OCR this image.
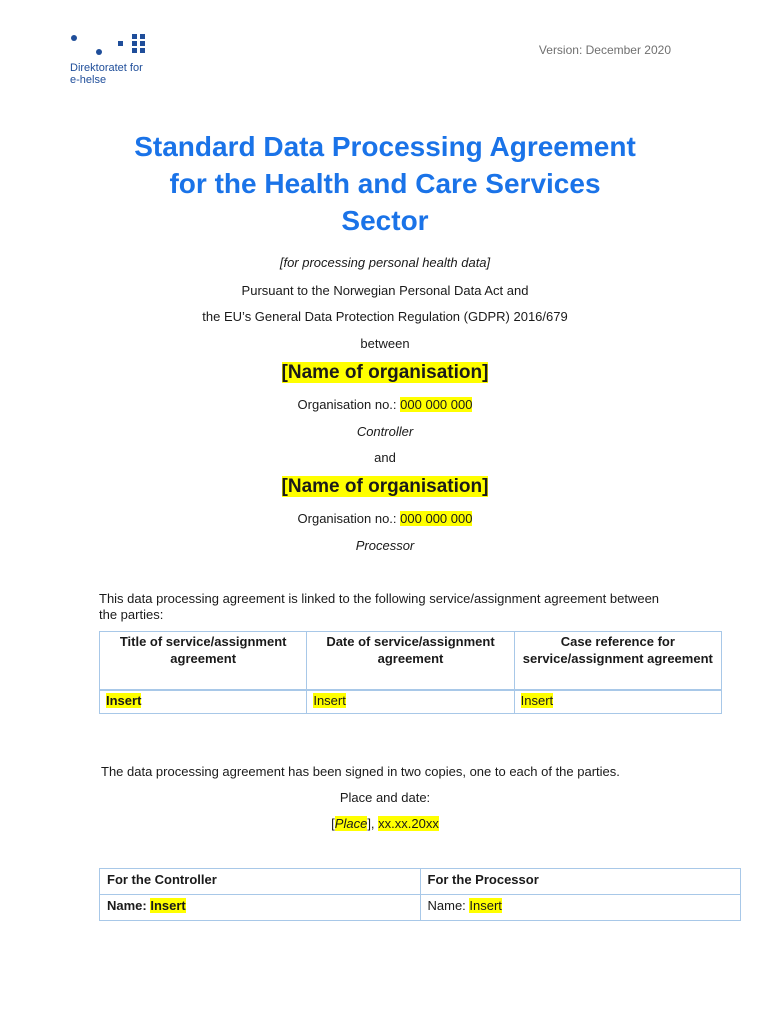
Direktoratet for
e-helse
Version: December 2020
Standard Data Processing Agreement
for the Health and Care Services
Sector
[for processing personal health data]
Pursuant to the Norwegian Personal Data Act and
the EU’s General Data Protection Regulation (GDPR) 2016/679
between
[Name of organisation]
Organisation no.: 000 000 000
Controller
and
[Name of organisation]
Organisation no.: 000 000 000
Processor
This data processing agreement is linked to the following service/assignment agreement between the parties:
Title of service/assignment agreement	Date of service/assignment agreement	Case reference for service/assignment agreement
Insert	Insert	Insert
The data processing agreement has been signed in two copies, one to each of the parties.
Place and date:
[Place], xx.xx.20xx
For the Controller	For the Processor
Name: Insert	Name: Insert
